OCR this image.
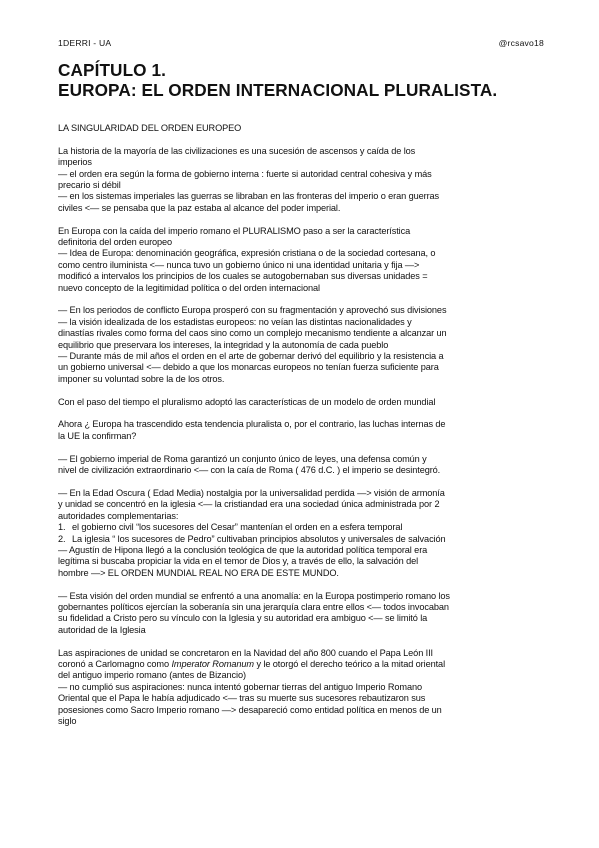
1DERRI - UA	@rcsavo18
CAPÍTULO 1.
EUROPA: EL ORDEN INTERNACIONAL PLURALISTA.

LA SINGULARIDAD DEL ORDEN EUROPEO

La historia de la mayoría de las civilizaciones es una sucesión de ascensos y caída de los
imperios
— el orden era según la forma de gobierno interna : fuerte si autoridad central cohesiva y más
precario si débil
— en los sistemas imperiales las guerras se libraban en las fronteras del imperio o eran guerras
civiles <— se pensaba que la paz estaba al alcance del poder imperial.

En Europa con la caída del imperio romano el PLURALISMO paso a ser la característica
definitoria del orden europeo
— Idea de Europa: denominación geográfica, expresión cristiana o de la sociedad cortesana, o
como centro iluminista <— nunca tuvo un gobierno único ni una identidad unitaria y fija —>
modificó a intervalos los principios de los cuales se autogobernaban sus diversas unidades =
nuevo concepto de la legitimidad política o del orden internacional

— En los periodos de conflicto Europa prosperó con su fragmentación y aprovechó sus divisiones
— la visión idealizada de los estadistas europeos: no veían las distintas nacionalidades y
dinastías rivales como forma del caos sino como un complejo mecanismo tendiente a alcanzar un
equilibrio que preservara los intereses, la integridad y la autonomía de cada pueblo
— Durante más de mil años el orden en el arte de gobernar derivó del equilibrio y la resistencia a
un gobierno universal <— debido a que los monarcas europeos no tenían fuerza suficiente para
imponer su voluntad sobre la de los otros.

Con el paso del tiempo el pluralismo adoptó las características de un modelo de orden mundial

Ahora ¿ Europa ha trascendido esta tendencia pluralista o, por el contrario, las luchas internas de
la UE la confirman?

— El gobierno imperial de Roma garantizó un conjunto único de leyes, una defensa común y
nivel de civilización extraordinario <— con la caía de Roma ( 476 d.C. ) el imperio se desintegró.

— En la Edad Oscura ( Edad Media) nostalgia por la universalidad perdida —> visión de armonía
y unidad se concentró en la iglesia <— la cristiandad era una sociedad única administrada por 2
autoridades complementarias:
1. el gobierno civil “los sucesores del Cesar” mantenían el orden en a esfera temporal
2. La iglesia “ los sucesores de Pedro” cultivaban principios absolutos y universales de salvación
— Agustín de Hipona llegó a la conclusión teológica de que la autoridad política temporal era
legítima si buscaba propiciar la vida en el temor de Dios y, a través de ello, la salvación del
hombre —> EL ORDEN MUNDIAL REAL NO ERA DE ESTE MUNDO.

— Esta visión del orden mundial se enfrentó a una anomalía: en la Europa postimperio romano los
gobernantes políticos ejercían la soberanía sin una jerarquía clara entre ellos <— todos invocaban
su fidelidad a Cristo pero su vínculo con la Iglesia y su autoridad era ambiguo <— se limitó la
autoridad de la Iglesia

Las aspiraciones de unidad se concretaron en la Navidad del año 800 cuando el Papa León III
coronó a Carlomagno como Imperator Romanum y le otorgó el derecho teórico a la mitad oriental
del antiguo imperio romano (antes de Bizancio)
— no cumplió sus aspiraciones: nunca intentó gobernar tierras del antiguo Imperio Romano
Oriental que el Papa le había adjudicado <— tras su muerte sus sucesores rebautizaron sus
posesiones como Sacro Imperio romano —> desapareció como entidad política en menos de un
siglo
